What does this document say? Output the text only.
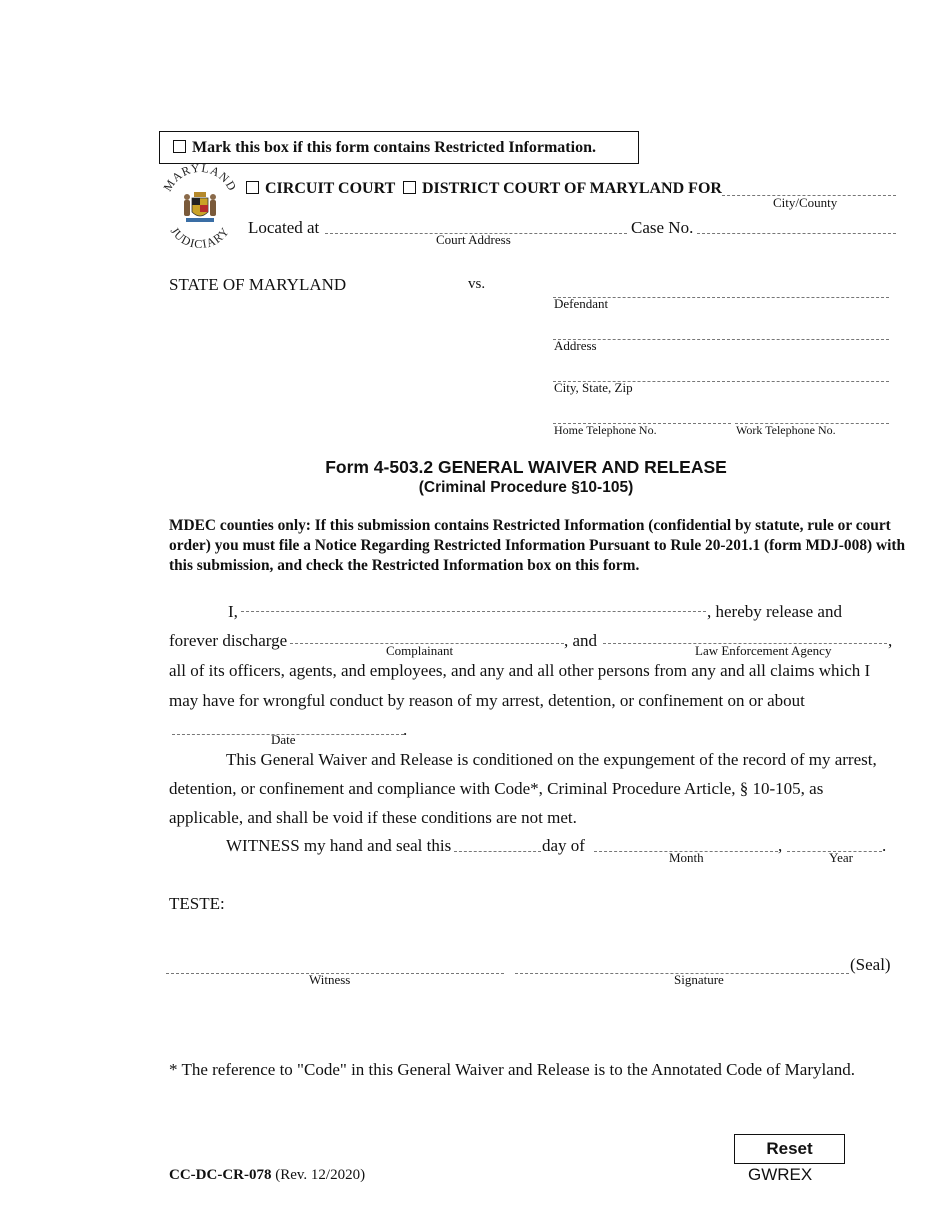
Mark this box if this form contains Restricted Information.
MARYLAND
JUDICIARY
CIRCUIT COURT	DISTRICT COURT OF MARYLAND FOR
City/County
Located at
Court Address
Case No.
STATE OF MARYLAND	vs.
Defendant
Address
City, State, Zip
Home Telephone No.	Work Telephone No.
Form 4-503.2 GENERAL WAIVER AND RELEASE
(Criminal Procedure §10-105)
MDEC counties only: If this submission contains Restricted Information (confidential by statute, rule or court order) you must file a Notice Regarding Restricted Information Pursuant to Rule 20-201.1 (form MDJ-008) with this submission, and check the Restricted Information box on this form.
I,	, hereby release and
forever discharge
Complainant
, and
Law Enforcement Agency
,
all of its officers, agents, and employees, and any and all other persons from any and all claims which I
may have for wrongful conduct by reason of my arrest, detention, or confinement on or about
.
Date
This General Waiver and Release is conditioned on the expungement of the record of my arrest,
detention, or confinement and compliance with Code*, Criminal Procedure Article, § 10-105, as
applicable, and shall be void if these conditions are not met.
WITNESS my hand and seal this	day of
Month
,
Year
.
TESTE:
Witness	Signature
(Seal)
* The reference to "Code" in this General Waiver and Release is to the Annotated Code of Maryland.
CC-DC-CR-078 (Rev. 12/2020)
Reset
GWREX
